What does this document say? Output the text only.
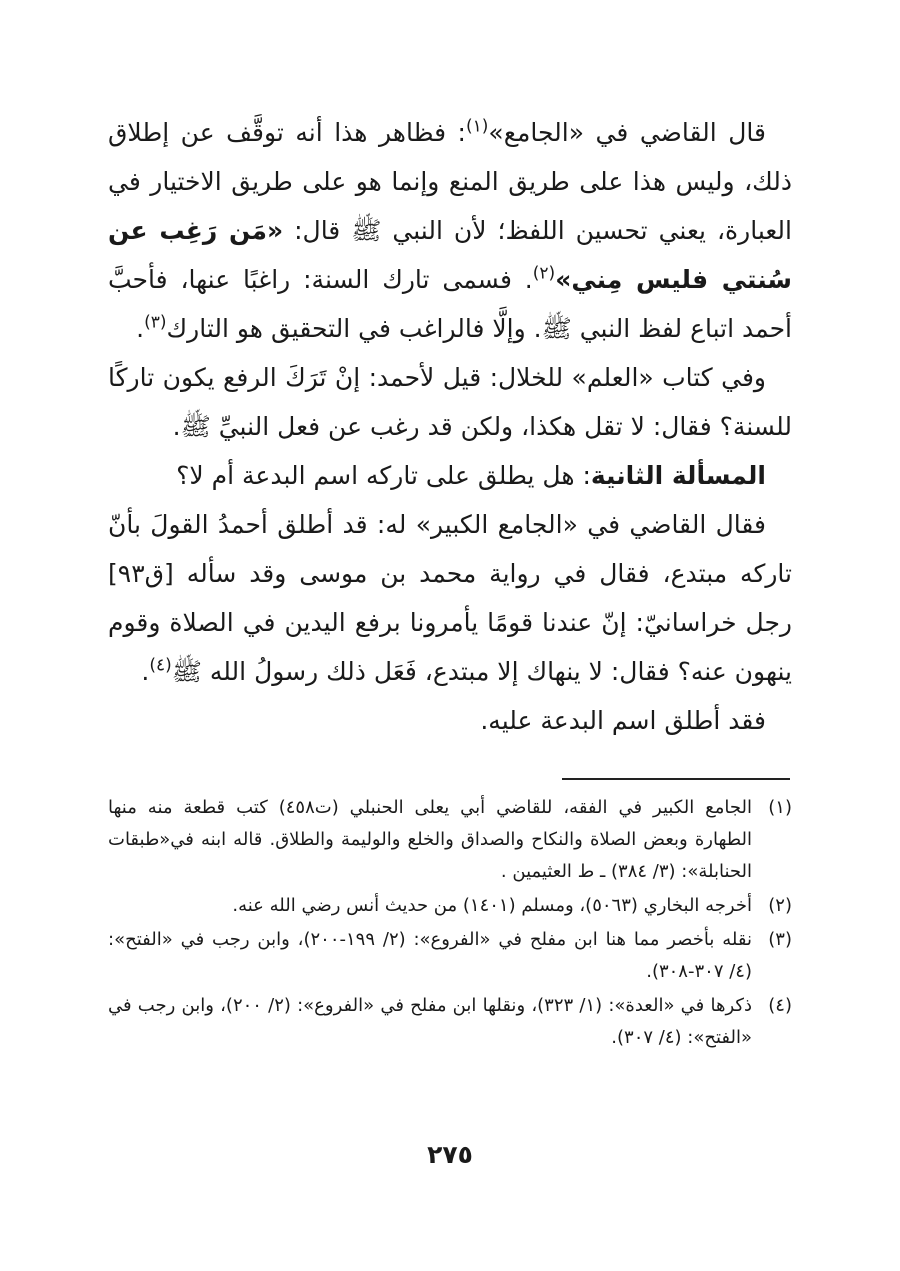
قال القاضي في «الجامع»$^{(١)}$: فظاهر هذا أنه توقَّف عن إطلاق ذلك، وليس هذا على طريق المنع وإنما هو على طريق الاختيار في العبارة، يعني تحسين اللفظ؛ لأن النبي ﷺ قال: «مَن رَغِب عن سُنتي فليس مِني»$^{(٢)}$. فسمى تارك السنة: راغبًا عنها، فأحبَّ أحمد اتباع لفظ النبي ﷺ. وإلَّا فالراغب في التحقيق هو التارك$^{(٣)}$.

وفي كتاب «العلم» للخلال: قيل لأحمد: إنْ تَرَكَ الرفع يكون تاركًا للسنة؟ فقال: لا تقل هكذا، ولكن قد رغب عن فعل النبيِّ ﷺ.

المسألة الثانية: هل يطلق على تاركه اسم البدعة أم لا؟

فقال القاضي في «الجامع الكبير» له: قد أطلق أحمدُ القولَ بأنّ تاركه مبتدع، فقال في رواية محمد بن موسى وقد سأله [ق٩٣] رجل خراسانيّ: إنّ عندنا قومًا يأمرونا برفع اليدين في الصلاة وقوم ينهون عنه؟ فقال: لا ينهاك إلا مبتدع، فَعَل ذلك رسولُ الله ﷺ$^{(٤)}$.

فقد أطلق اسم البدعة عليه.

(١)
الجامع الكبير في الفقه، للقاضي أبي يعلى الحنبلي (ت٤٥٨) كتب قطعة منه منها الطهارة وبعض الصلاة والنكاح والصداق والخلع والوليمة والطلاق. قاله ابنه في«طبقات الحنابلة»: (٣/ ٣٨٤) ـ ط العثيمين .
(٢)
أخرجه البخاري (٥٠٦٣)، ومسلم (١٤٠١) من حديث أنس رضي الله عنه.
(٣)
نقله بأخصر مما هنا ابن مفلح في «الفروع»: (٢/ ١٩٩-٢٠٠)، وابن رجب في «الفتح»: (٤/ ٣٠٧-٣٠٨).
(٤)
ذكرها في «العدة»: (١/ ٣٢٣)، ونقلها ابن مفلح في «الفروع»: (٢/ ٢٠٠)، وابن رجب في «الفتح»: (٤/ ٣٠٧).
٢٧٥
